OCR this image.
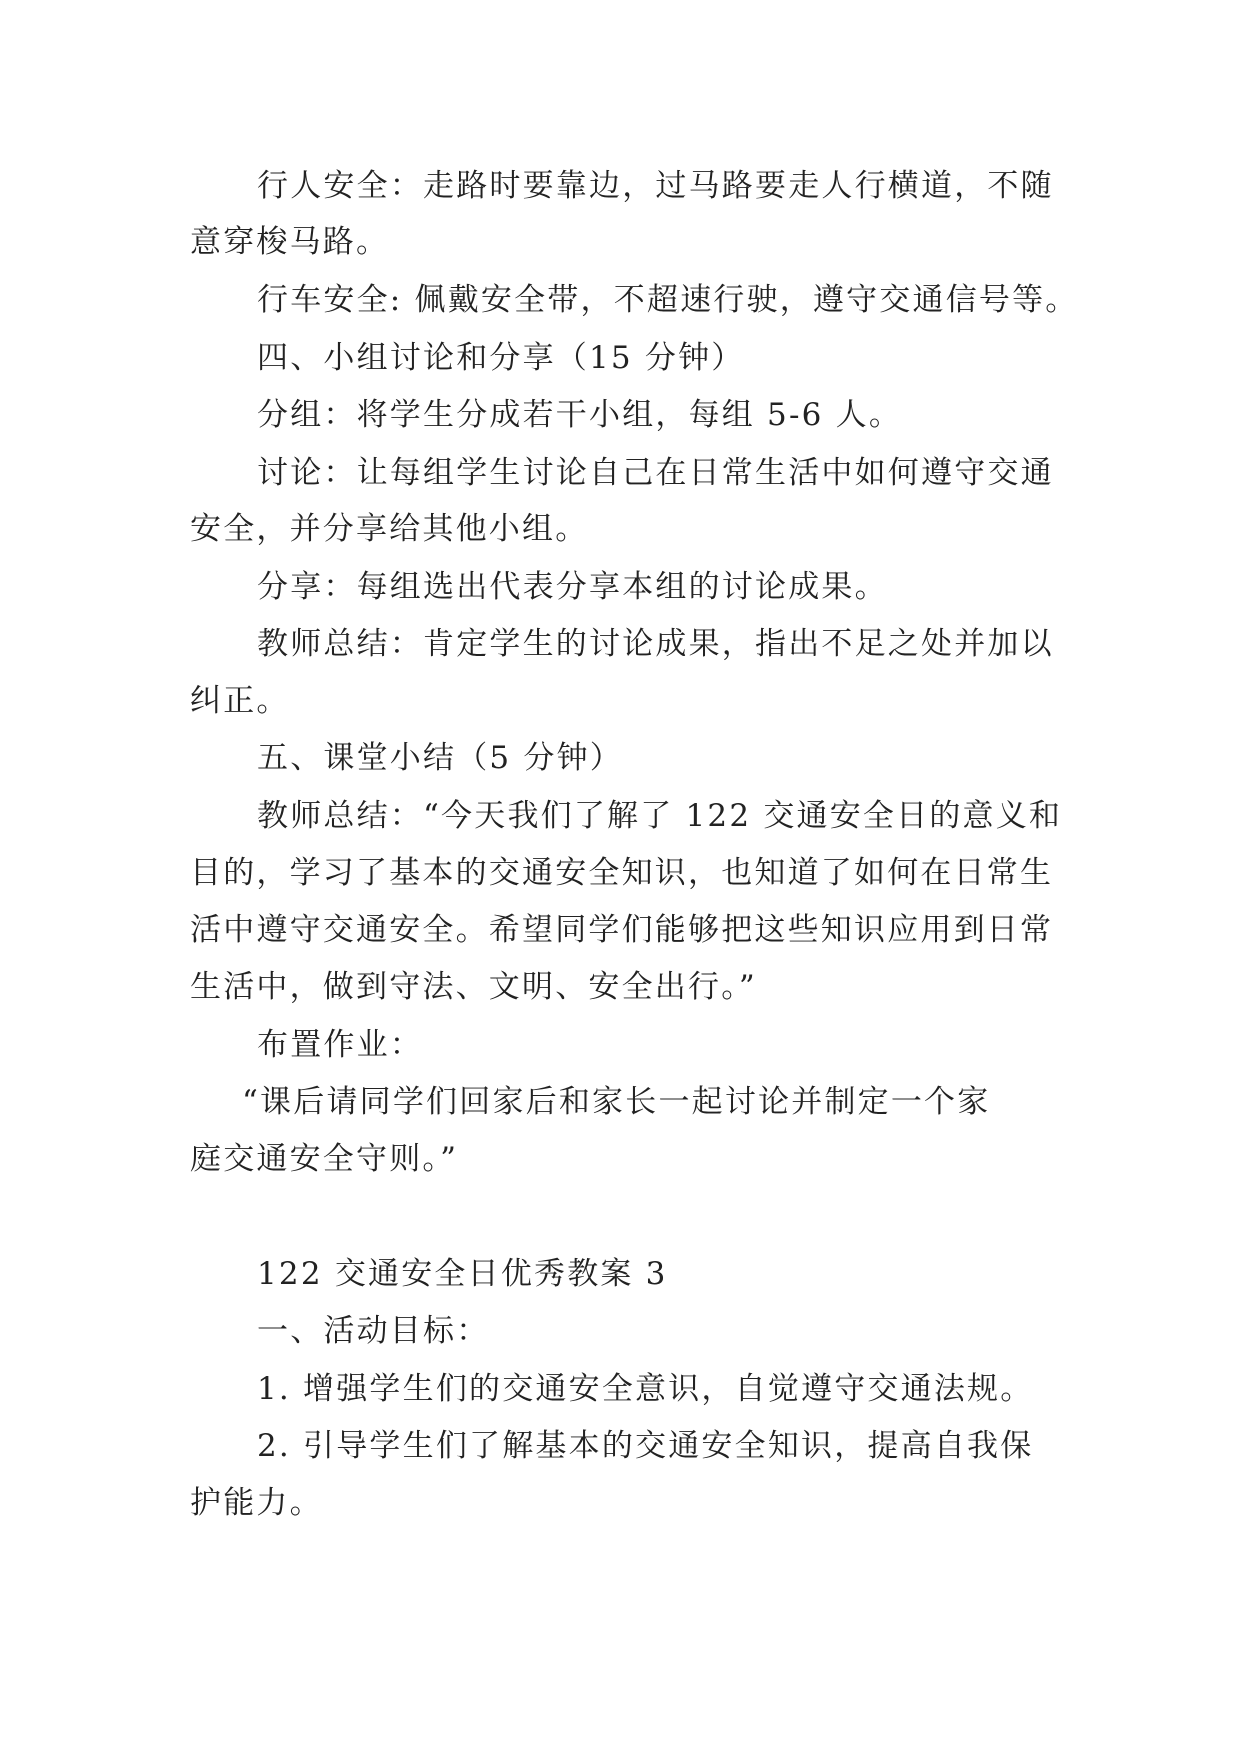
行人安全：走路时要靠边，过马路要走人行横道，不随
意穿梭马路。
行车安全: 佩戴安全带，不超速行驶，遵守交通信号等。
四、小组讨论和分享（15 分钟）
分组：将学生分成若干小组，每组 5-6 人。
讨论：让每组学生讨论自己在日常生活中如何遵守交通
安全，并分享给其他小组。
分享：每组选出代表分享本组的讨论成果。
教师总结：肯定学生的讨论成果，指出不足之处并加以
纠正。
五、课堂小结（5 分钟）
教师总结：“今天我们了解了 122 交通安全日的意义和
目的，学习了基本的交通安全知识，也知道了如何在日常生
活中遵守交通安全。希望同学们能够把这些知识应用到日常
生活中，做到守法、文明、安全出行。”
布置作业：
“课后请同学们回家后和家长一起讨论并制定一个家
庭交通安全守则。”
122 交通安全日优秀教案 3
一、活动目标：
1. 增强学生们的交通安全意识，自觉遵守交通法规。
2. 引导学生们了解基本的交通安全知识，提高自我保
护能力。
